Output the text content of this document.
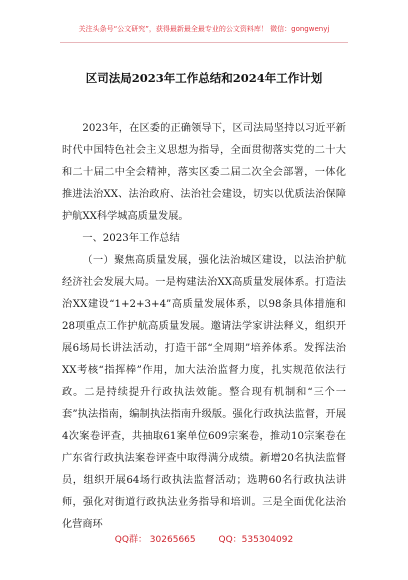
关注头条号“公文研究”，获得最新最全最专业的公文资料库！ 微信：gongwenyj
区司法局2023年工作总结和2024年工作计划

2023年，在区委的正确领导下，区司法局坚持以习近平新时代中国特色社会主义思想为指导，全面贯彻落实党的二十大和二十届二中全会精神，落实区委二届二次全会部署，一体化推进法治XX、法治政府、法治社会建设，切实以优质法治保障护航XX科学城高质量发展。

一、2023年工作总结

（一）聚焦高质量发展，强化法治城区建设，以法治护航经济社会发展大局。一是构建法治XX高质量发展体系。打造法治XX建设“1+2+3+4”高质量发展体系，以98条具体措施和28项重点工作护航高质量发展。邀请法学家讲法释义，组织开展6场局长讲法活动，打造干部“全周期”培养体系。发挥法治XX考核“指挥棒”作用，加大法治监督力度，扎实规范依法行政。二是持续提升行政执法效能。整合现有机制和“三个一套”执法指南，编制执法指南升级版。强化行政执法监督，开展4次案卷评查，共抽取61案单位609宗案卷，推动10宗案卷在广东省行政执法案卷评查中取得满分成绩。新增20名执法监督员，组织开展64场行政执法监督活动；选聘60名行政执法讲师，强化对街道行政执法业务指导和培训。三是全面优化法治化营商环

QQ群： 30265665	QQ：535304092
